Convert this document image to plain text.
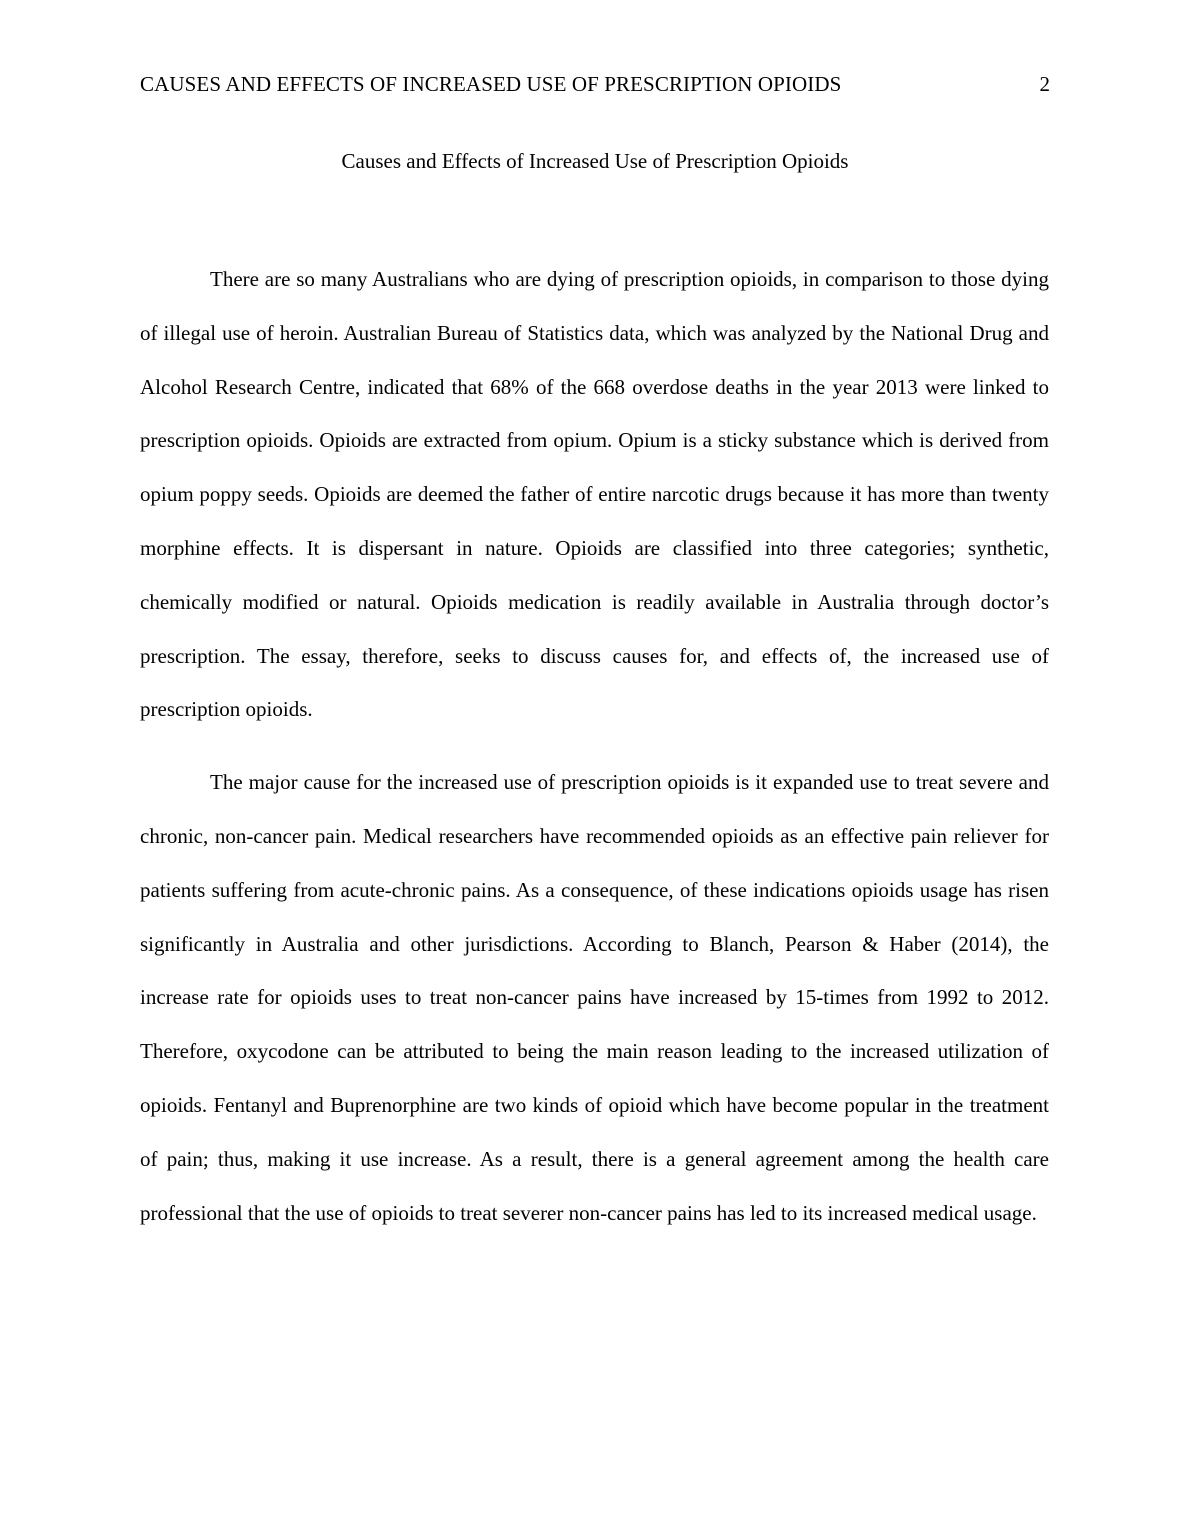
CAUSES AND EFFECTS OF INCREASED USE OF PRESCRIPTION OPIOIDS	2
Causes and Effects of Increased Use of Prescription Opioids

There are so many Australians who are dying of prescription opioids, in comparison to those dying of illegal use of heroin. Australian Bureau of Statistics data, which was analyzed by the National Drug and Alcohol Research Centre, indicated that 68% of the 668 overdose deaths in the year 2013 were linked to prescription opioids. Opioids are extracted from opium. Opium is a sticky substance which is derived from opium poppy seeds. Opioids are deemed the father of entire narcotic drugs because it has more than twenty morphine effects. It is dispersant in nature. Opioids are classified into three categories; synthetic, chemically modified or natural. Opioids medication is readily available in Australia through doctor’s prescription. The essay, therefore, seeks to discuss causes for, and effects of, the increased use of prescription opioids.

The major cause for the increased use of prescription opioids is it expanded use to treat severe and chronic, non-cancer pain. Medical researchers have recommended opioids as an effective pain reliever for patients suffering from acute-chronic pains. As a consequence, of these indications opioids usage has risen significantly in Australia and other jurisdictions. According to Blanch, Pearson & Haber (2014), the increase rate for opioids uses to treat non-cancer pains have increased by 15-times from 1992 to 2012. Therefore, oxycodone can be attributed to being the main reason leading to the increased utilization of opioids. Fentanyl and Buprenorphine are two kinds of opioid which have become popular in the treatment of pain; thus, making it use increase. As a result, there is a general agreement among the health care professional that the use of opioids to treat severer non-cancer pains has led to its increased medical usage.
